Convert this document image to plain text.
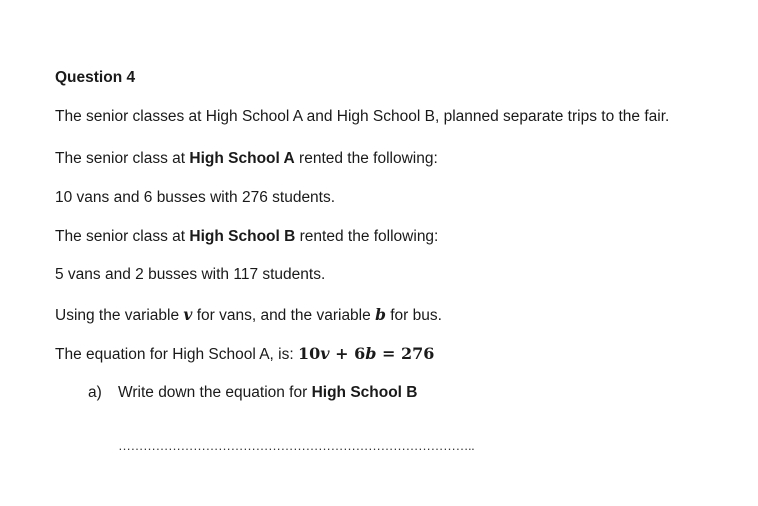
Question 4
The senior classes at High School A and High School B, planned separate trips to the fair.
The senior class at High School A rented the following:
10 vans and 6 busses with 276 students.
The senior class at High School B rented the following:
5 vans and 2 busses with 117 students.
Using the variable v for vans, and the variable b for bus.
The equation for High School A, is: 10v + 6b = 276
a) Write down the equation for High School B
…………………………………………………………………………..
